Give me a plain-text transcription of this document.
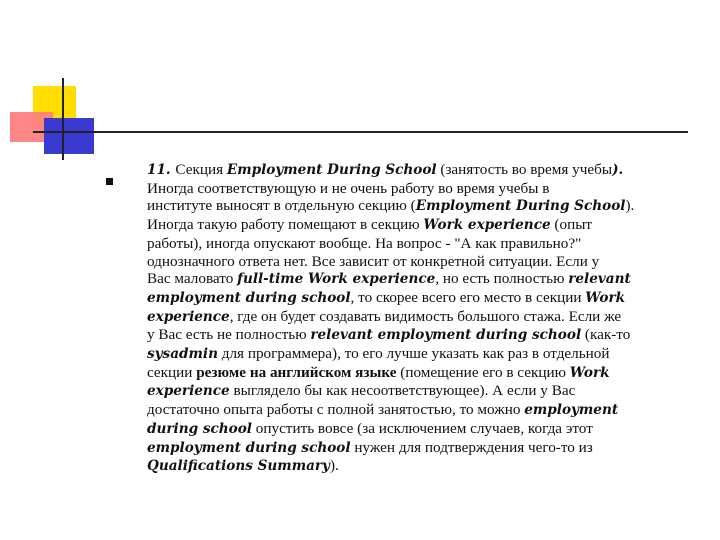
11. Секция Employment During School (занятость во время учебы).
Иногда соответствующую и не очень работу во время учебы в
институте выносят в отдельную секцию (Employment During School).
Иногда такую работу помещают в секцию Work experience (опыт
работы), иногда опускают вообще. На вопрос - "А как правильно?"
однозначного ответа нет. Все зависит от конкретной ситуации. Если у
Вас маловато full-time Work experience, но есть полностью relevant
employment during school, то скорее всего его место в секции Work
experience, где он будет создавать видимость большого стажа. Если же
у Вас есть не полностью relevant employment during school (как-то
sysadmin для программера), то его лучше указать как раз в отдельной
секции резюме на английском языке (помещение его в секцию Work
experience выглядело бы как несоответствующее). А если у Вас
достаточно опыта работы с полной занятостью, то можно employment
during school опустить вовсе (за исключением случаев, когда этот
employment during school нужен для подтверждения чего-то из
Qualifications Summary).
